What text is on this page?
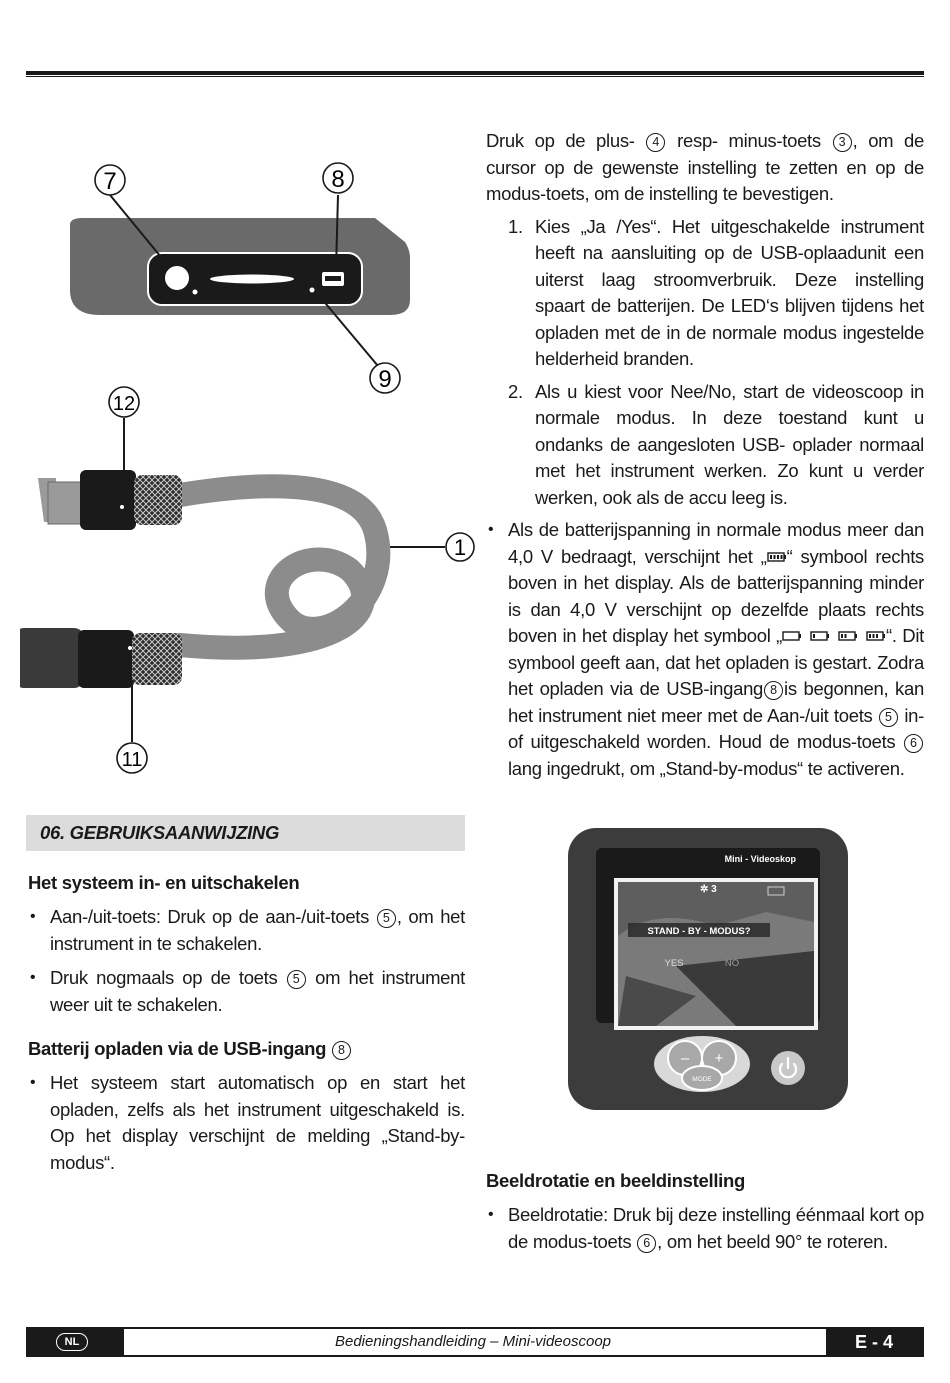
7	8
9
12
1
11

Druk op de plus- 4 resp- minus-toets 3 , om de cursor op de gewenste instelling te zetten en op de modus-toets, om de instelling te bevestigen.

1. Kies „Ja /Yes“. Het uitgeschakelde instrument heeft na aansluiting op de USB-oplaadunit een uiterst laag stroomverbruik. Deze instelling spaart de batterijen. De LED‘s blijven tijdens het opladen met de in de normale modus ingestelde helderheid branden.
2. Als u kiest voor Nee/No, start de videoscoop in normale modus. In deze toestand kunt u ondanks de aangesloten USB- oplader normaal met het instrument werken. Zo kunt u verder werken, ook als de accu leeg is.
• Als de batterijspanning in normale modus meer dan 4,0 V bedraagt, verschijnt het „ “ symbool rechts boven in het display. Als de batterijspanning minder is dan 4,0 V verschijnt op dezelfde plaats rechts boven in het display het symbool „	“. Dit symbool geeft aan, dat het opladen is gestart. Zodra het opladen via de USB-ingang 8 is begonnen, kan het instrument niet meer met de Aan-/uit toets 5 in- of uitgeschakeld worden. Houd de modus-toets 6 lang ingedrukt, om „Stand-by-modus“ te activeren.
06. GEBRUIKSAANWIJZING
Het systeem in- en uitschakelen
• Aan-/uit-toets: Druk op de aan-/uit-toets 5 , om het instrument in te schakelen.
• Druk nogmaals op de toets 5 om het instrument weer uit te schakelen.
Batterij opladen via de USB-ingang 8
• Het systeem start automatisch op en start het opladen, zelfs als het instrument uitgeschakeld is. Op het display verschijnt de melding „Stand-by-modus“.
Mini - Videoskop
✲ 3
STAND - BY - MODUS?
YES	NO
– +
MODE
Beeldrotatie en beeldinstelling
• Beeldrotatie: Druk bij deze instelling éénmaal kort op de modus-toets 6 , om het beeld 90° te roteren.
NL	Bedieningshandleiding – Mini-videoscoop	E - 4
